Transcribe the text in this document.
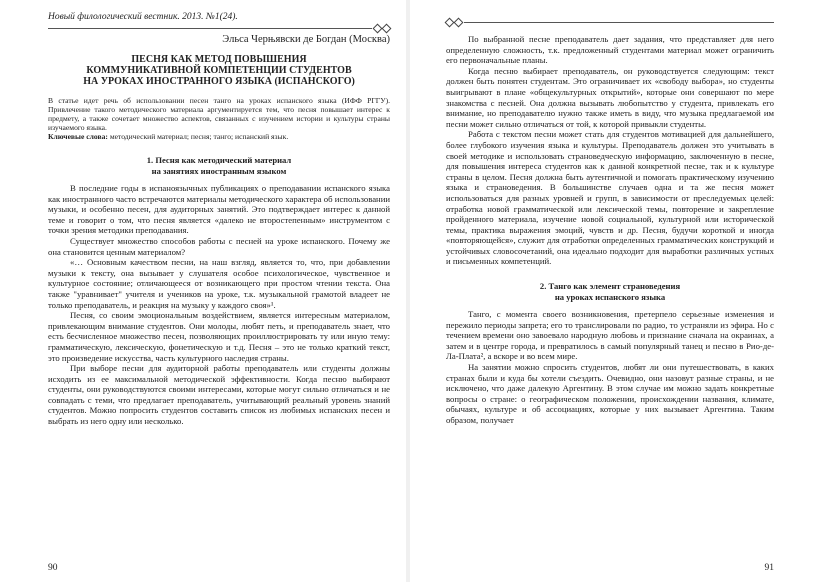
Новый филологический вестник. 2013. №1(24).
Эльса Черњявски де Богдан (Москва)
ПЕСНЯ КАК МЕТОД ПОВЫШЕНИЯ
КОММУНИКАТИВНОЙ КОМПЕТЕНЦИИ СТУДЕНТОВ
НА УРОКАХ ИНОСТРАННОГО ЯЗЫКА (ИСПАНСКОГО)
В статье идет речь об использовании песен танго на уроках испанского языка (ИФФ РГГУ). Привлечение такого методического материала аргументируется тем, что песня повышает интерес к предмету, а также сочетает множество аспектов, связанных с изучением истории и культуры страны изучаемого языка.
Ключевые слова: методический материал; песня; танго; испанский язык.
1. Песня как методический материал
на занятиях иностранным языком

В последние годы в испаноязычных публикациях о преподавании испанского языка как иностранного часто встречаются материалы методического характера об использовании музыки, и особенно песен, для аудиторных занятий. Это подтверждает интерес к данной теме и говорит о том, что песня является «далеко не второстепенным» инструментом с точки зрения методики преподавания.

Существует множество способов работы с песней на уроке испанского. Почему же она становится ценным материалом?

«… Основным качеством песни, на наш взгляд, является то, что, при добавлении музыки к тексту, она вызывает у слушателя особое психологическое, чувственное и культурное состояние; отличающееся от возникающего при простом чтении текста. Она также "уравнивает" учителя и учеников на уроке, т.к. музыкальной грамотой владеет не только преподаватель, и реакция на музыку у каждого своя»¹.

Песня, со своим эмоциональным воздействием, является интересным материалом, привлекающим внимание студентов. Они молоды, любят петь, и преподаватель знает, что есть бесчисленное множество песен, позволяющих проиллюстрировать ту или иную тему: грамматическую, лексическую, фонетическую и т.д. Песня – это не только краткий текст, это произведение искусства, часть культурного наследия страны.

При выборе песни для аудиторной работы преподаватель или студенты должны исходить из ее максимальной методической эффективности. Когда песню выбирают студенты, они руководствуются своими интересами, которые могут сильно отличаться и не совпадать с теми, что предлагает преподаватель, учитывающий реальный уровень знаний студентов. Можно попросить студентов составить список из любимых испанских песен и выбрать из него одну или несколько.

90

По выбранной песне преподаватель дает задания, что представляет для него определенную сложность, т.к. предложенный студентами материал может ограничить его первоначальные планы.

Когда песню выбирает преподаватель, он руководствуется следующим: текст должен быть понятен студентам. Это ограничивает их «свободу выбора», но студенты выигрывают в плане «общекультурных открытий», которые они совершают по мере знакомства с песней. Она должна вызывать любопытство у студента, привлекать его внимание, но преподавателю нужно также иметь в виду, что музыка предлагаемой им песни может сильно отличаться от той, к которой привыкли студенты.

Работа с текстом песни может стать для студентов мотивацией для дальнейшего, более глубокого изучения языка и культуры. Преподаватель должен это учитывать в своей методике и использовать страноведческую информацию, заключенную в песне, для повышения интереса студентов как к данной конкретной песне, так и к культуре страны в целом. Песня должна быть аутентичной и помогать практическому изучению языка и страноведения. В большинстве случаев одна и та же песня может использоваться для разных уровней и групп, в зависимости от преследуемых целей: отработка новой грамматической или лексической темы, повторение и закрепление пройденного материала, изучение новой социальной, культурной или исторической темы, практика выражения эмоций, чувств и др. Песня, будучи короткой и иногда «повторяющейся», служит для отработки определенных грамматических конструкций и устойчивых словосочетаний, она идеально подходит для выработки различных устных и письменных компетенций.

2. Танго как элемент страноведения
на уроках испанского языка

Танго, с момента своего возникновения, претерпело серьезные изменения и пережило периоды запрета; его то транслировали по радио, то устраняли из эфира. Но с течением времени оно завоевало народную любовь и признание сначала на окраинах, а затем и в центре города, и превратилось в самый популярный танец и песню в Рио-де-Ла-Плата², а вскоре и во всем мире.

На занятии можно спросить студентов, любят ли они путешествовать, в каких странах были и куда бы хотели съездить. Очевидно, они назовут разные страны, и не исключено, что даже далекую Аргентину. В этом случае им можно задать конкретные вопросы о стране: о географическом положении, происхождении названия, климате, обычаях, культуре и об ассоциациях, которые у них вызывает Аргентина. Таким образом, получает

91
